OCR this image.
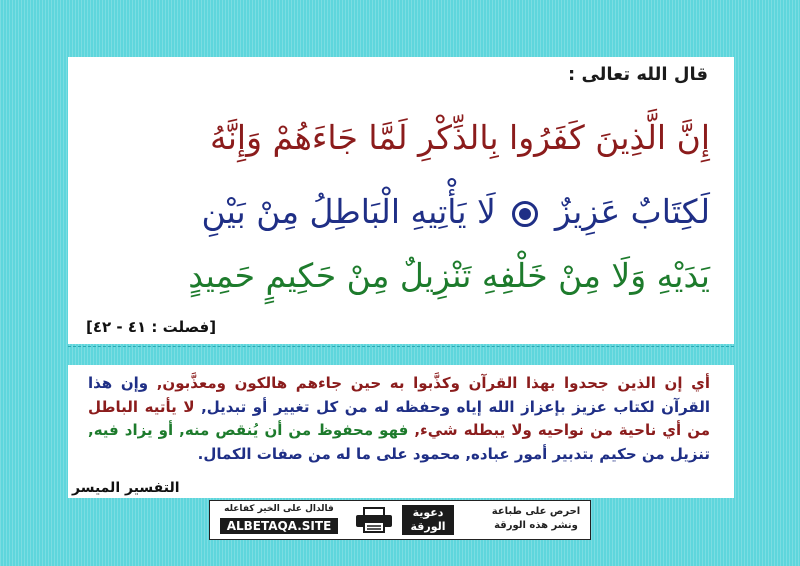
قال الله تعالى :
إِنَّ الَّذِينَ كَفَرُوا بِالذِّكْرِ لَمَّا جَاءَهُمْ وَإِنَّهُ
لَكِتَابٌ عَزِيزٌ  لَا يَأْتِيهِ الْبَاطِلُ مِنْ بَيْنِ
يَدَيْهِ وَلَا مِنْ خَلْفِهِ تَنْزِيلٌ مِنْ حَكِيمٍ حَمِيدٍ
[فصلت : ٤١ - ٤٢]
أي إن الذين جحدوا بهذا القرآن وكذَّبوا به حين جاءهم هالكون ومعذَّبون, وإن هذا القرآن لكتاب عزيز بإعزاز الله إياه وحفظه له من كل تغيير أو تبديل, لا يأتيه الباطل من أي ناحية من نواحيه ولا يبطله شيء, فهو محفوظ من أن يُنقص منه, أو يزاد فيه, تنزيل من حكيم بتدبير أمور عباده, محمود على ما له من صفات الكمال.
التفسير الميسر
احرص على طباعة
ونشر هذه الورقة
دعوية
الورقة
فالدال على الخير كفاعله
ALBETAQA.SITE
